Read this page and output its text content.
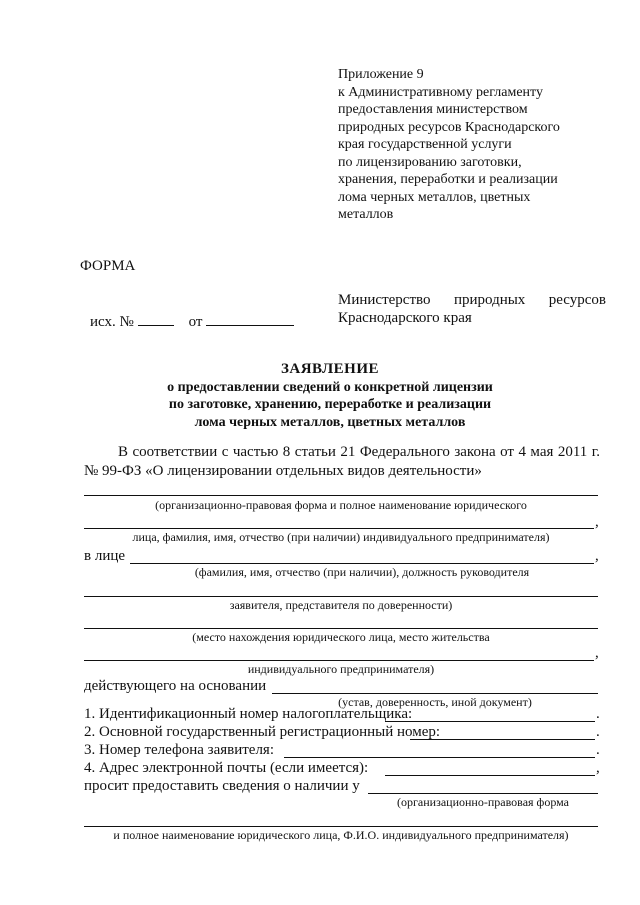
Приложение 9
к Административному регламенту
предоставления министерством
природных ресурсов Краснодарского
края государственной услуги
по лицензированию заготовки,
хранения, переработки и реализации
лома черных металлов, цветных
металлов
ФОРМА
исх. №	от
Министерство природных ресурсов Краснодарского края
ЗАЯВЛЕНИЕ
о предоставлении сведений о конкретной лицензии
по заготовке, хранению, переработке и реализации
лома черных металлов, цветных металлов
В соответствии с частью 8 статьи 21 Федерального закона от 4 мая 2011 г. № 99-ФЗ «О лицензировании отдельных видов деятельности»
(организационно-правовая форма и полное наименование юридического
,
лица, фамилия, имя, отчество (при наличии) индивидуального предпринимателя)
в лице	,
(фамилия, имя, отчество (при наличии), должность руководителя
заявителя, представителя по доверенности)
(место нахождения юридического лица, место жительства
,
индивидуального предпринимателя)
действующего на основании
(устав, доверенность, иной документ)
1. Идентификационный номер налогоплательщика:	.
2. Основной государственный регистрационный номер:	.
3. Номер телефона заявителя:	.
4. Адрес электронной почты (если имеется):	,
просит предоставить сведения о наличии у
(организационно-правовая форма
и полное наименование юридического лица, Ф.И.О. индивидуального предпринимателя)
